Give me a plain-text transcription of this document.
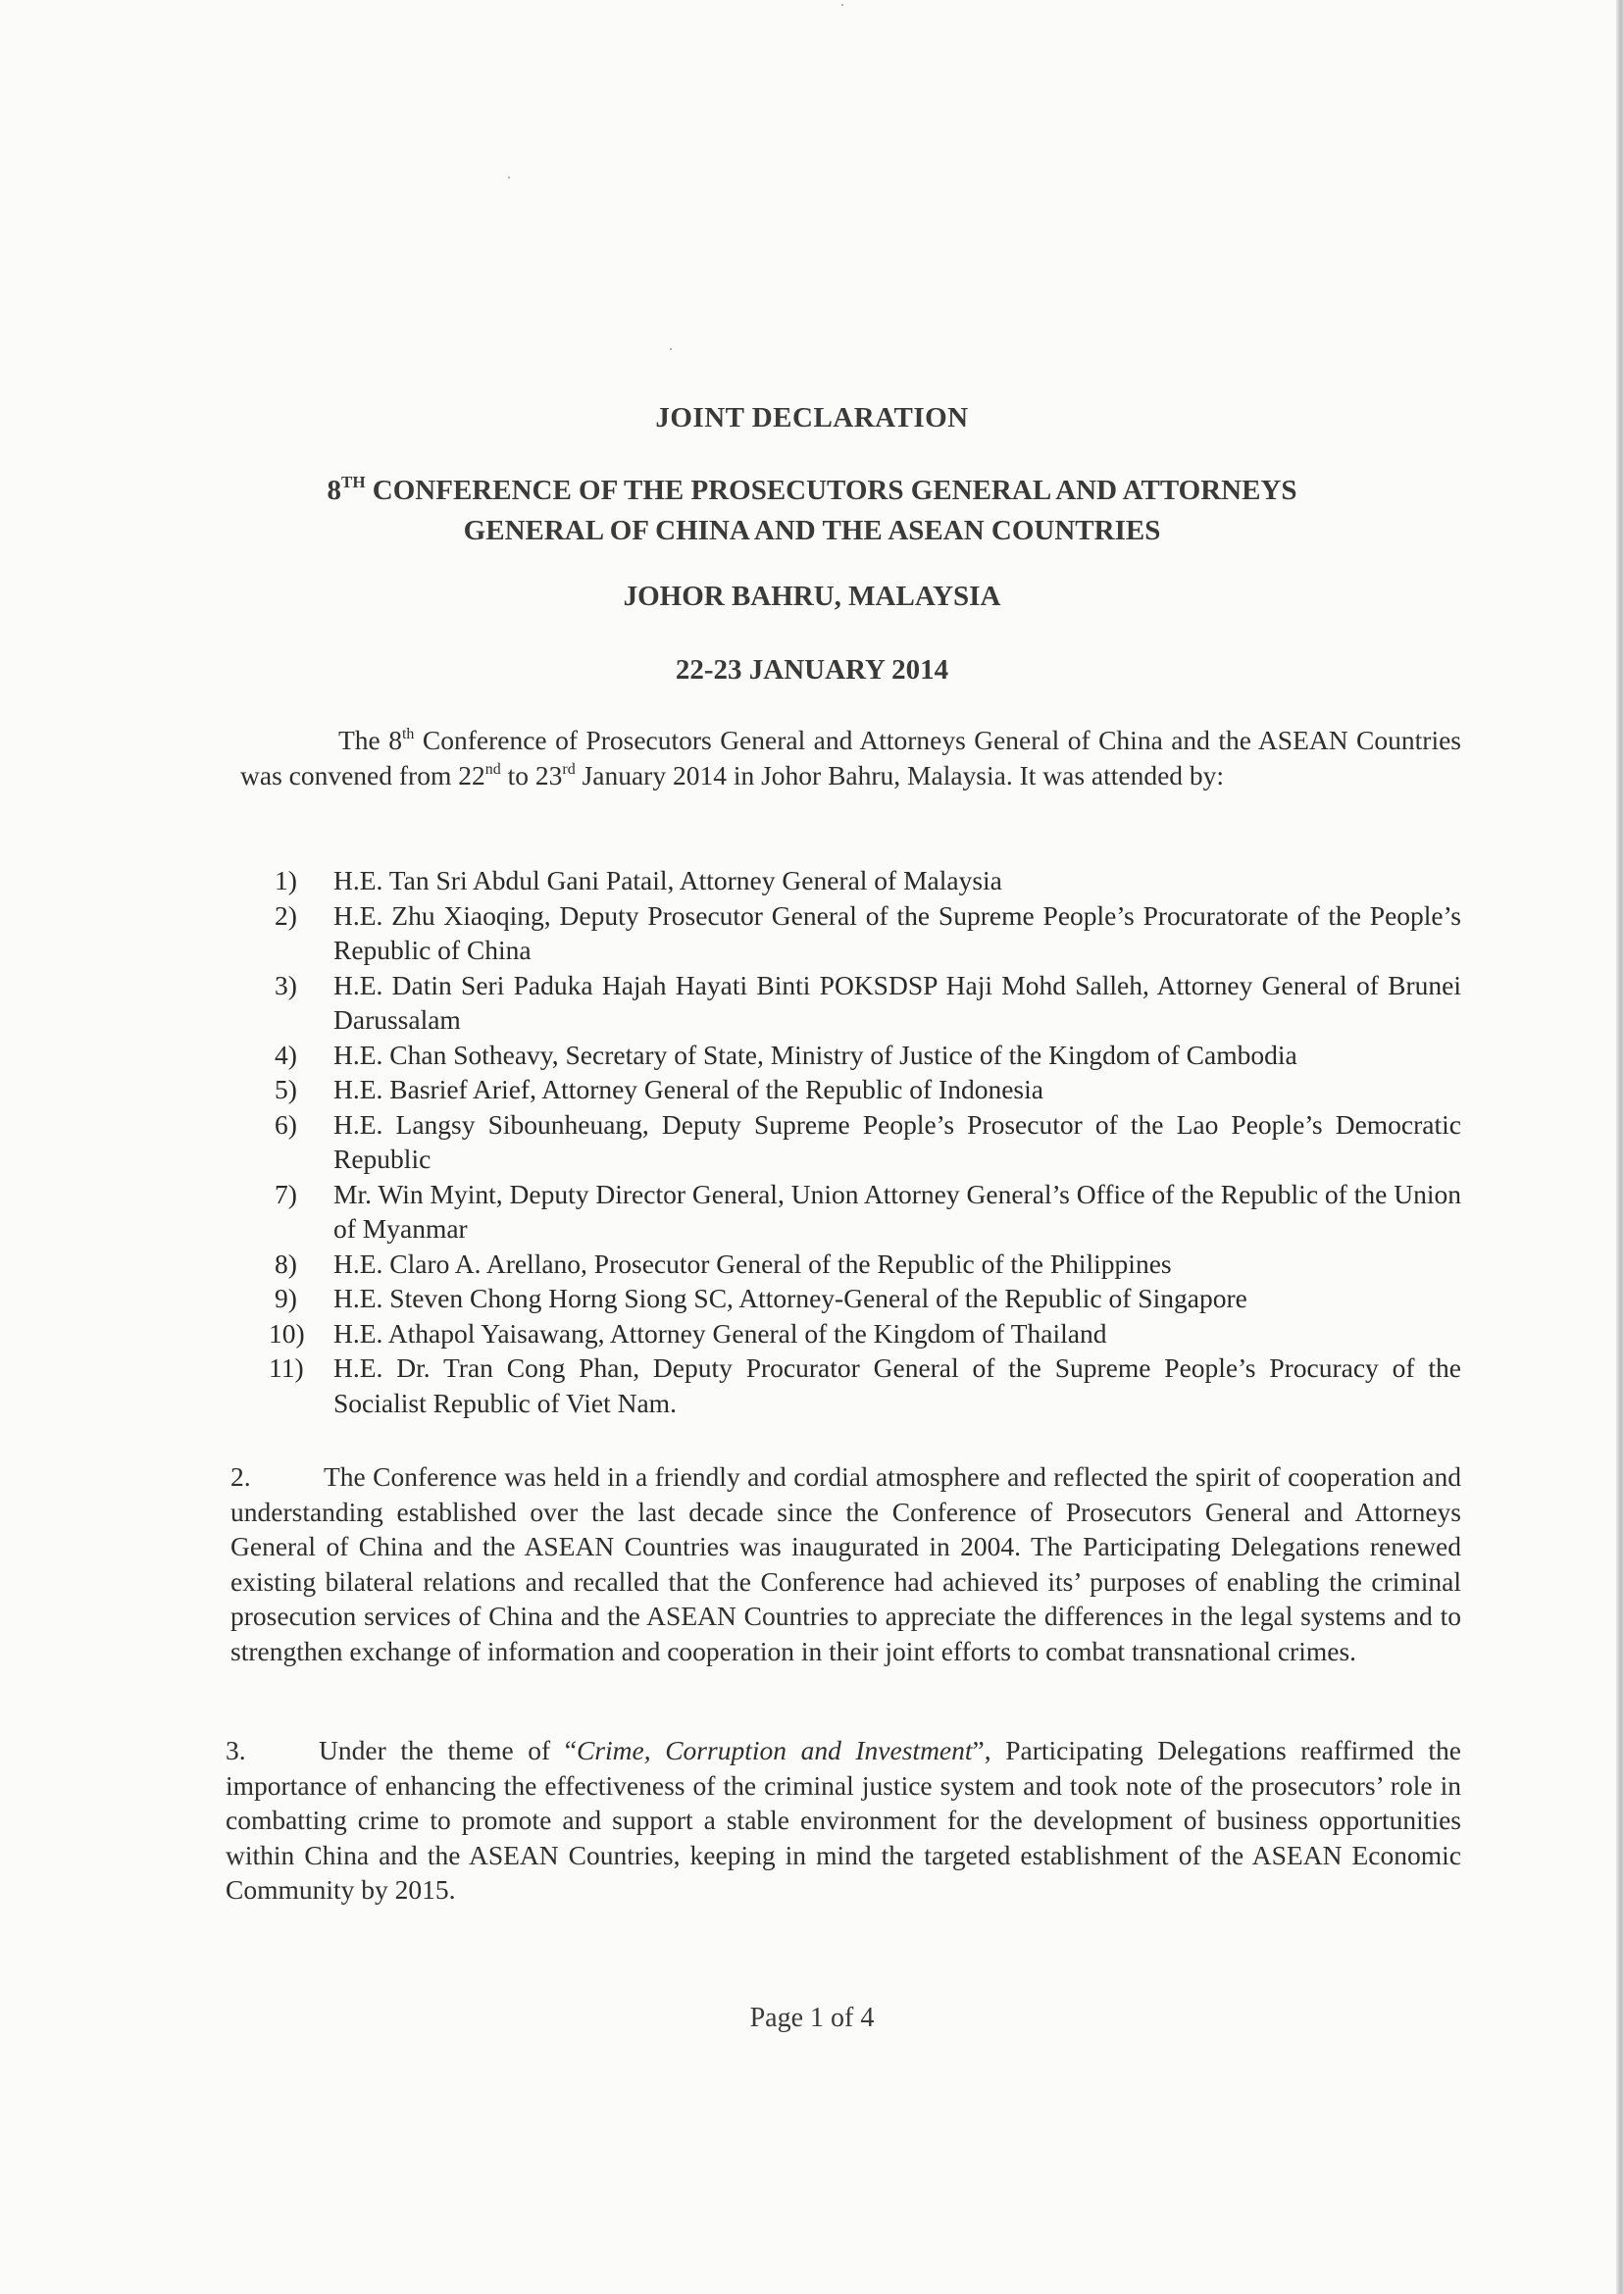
JOINT DECLARATION
8TH CONFERENCE OF THE PROSECUTORS GENERAL AND ATTORNEYS
GENERAL OF CHINA AND THE ASEAN COUNTRIES
JOHOR BAHRU, MALAYSIA
22-23 JANUARY 2014
The 8th Conference of Prosecutors General and Attorneys General of China and the ASEAN Countries was convened from 22nd to 23rd January 2014 in Johor Bahru, Malaysia. It was attended by:
1)	H.E. Tan Sri Abdul Gani Patail, Attorney General of Malaysia
2)	H.E. Zhu Xiaoqing, Deputy Prosecutor General of the Supreme People’s Procuratorate of the People’s Republic of China
3)	H.E. Datin Seri Paduka Hajah Hayati Binti POKSDSP Haji Mohd Salleh, Attorney General of Brunei Darussalam
4)	H.E. Chan Sotheavy, Secretary of State, Ministry of Justice of the Kingdom of Cambodia
5)	H.E. Basrief Arief, Attorney General of the Republic of Indonesia
6)	H.E. Langsy Sibounheuang, Deputy Supreme People’s Prosecutor of the Lao People’s Democratic Republic
7)	Mr. Win Myint, Deputy Director General, Union Attorney General’s Office of the Republic of the Union of Myanmar
8)	H.E. Claro A. Arellano, Prosecutor General of the Republic of the Philippines
9)	H.E. Steven Chong Horng Siong SC, Attorney-General of the Republic of Singapore
10)	H.E. Athapol Yaisawang, Attorney General of the Kingdom of Thailand
11)	H.E. Dr. Tran Cong Phan, Deputy Procurator General of the Supreme People’s Procuracy of the Socialist Republic of Viet Nam.
2.	The Conference was held in a friendly and cordial atmosphere and reflected the spirit of cooperation and understanding established over the last decade since the Conference of Prosecutors General and Attorneys General of China and the ASEAN Countries was inaugurated in 2004. The Participating Delegations renewed existing bilateral relations and recalled that the Conference had achieved its’ purposes of enabling the criminal prosecution services of China and the ASEAN Countries to appreciate the differences in the legal systems and to strengthen exchange of information and cooperation in their joint efforts to combat transnational crimes.
3.	Under the theme of “Crime, Corruption and Investment”, Participating Delegations reaffirmed the importance of enhancing the effectiveness of the criminal justice system and took note of the prosecutors’ role in combatting crime to promote and support a stable environment for the development of business opportunities within China and the ASEAN Countries, keeping in mind the targeted establishment of the ASEAN Economic Community by 2015.
Page 1 of 4
